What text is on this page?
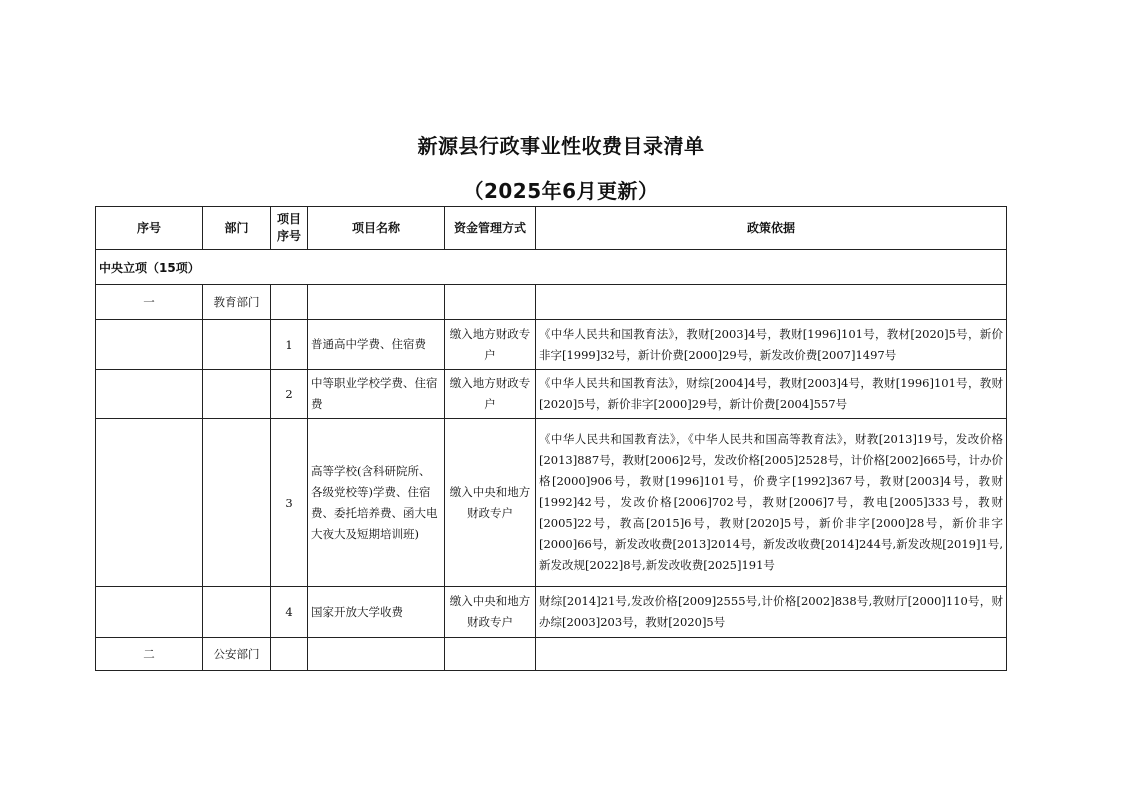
新源县行政事业性收费目录清单
（2025年6月更新）
序号	部门	项目序号	项目名称	资金管理方式	政策依据
中央立项（15项）					
一	教育部门				
		1	普通高中学费、住宿费	缴入地方财政专户	《中华人民共和国教育法》，教财[2003]4号，教财[1996]101号，教材[2020]5号，新价非字[1999]32号，新计价费[2000]29号，新发改价费[2007]1497号
		2	中等职业学校学费、住宿费	缴入地方财政专户	《中华人民共和国教育法》，财综[2004]4号，教财[2003]4号，教财[1996]101号，教财[2020]5号，新价非字[2000]29号，新计价费[2004]557号
		3	高等学校(含科研院所、各级党校等)学费、住宿费、委托培养费、函大电大夜大及短期培训班)	缴入中央和地方财政专户	《中华人民共和国教育法》，《中华人民共和国高等教育法》，财教[2013]19号，发改价格[2013]887号，教财[2006]2号，发改价格[2005]2528号，计价格[2002]665号，计办价格[2000]906号，教财[1996]101号，价费字[1992]367号，教财[2003]4号，教财[1992]42号，发改价格[2006]702号，教财[2006]7号，教电[2005]333号，教财[2005]22号，教高[2015]6号，教财[2020]5号，新价非字[2000]28号，新价非字[2000]66号，新发改收费[2013]2014号，新发改收费[2014]244号,新发改规[2019]1号,新发改规[2022]8号,新发改收费[2025]191号
		4	国家开放大学收费	缴入中央和地方财政专户	财综[2014]21号,发改价格[2009]2555号,计价格[2002]838号,教财厅[2000]110号，财办综[2003]203号，教财[2020]5号
二	公安部门				
